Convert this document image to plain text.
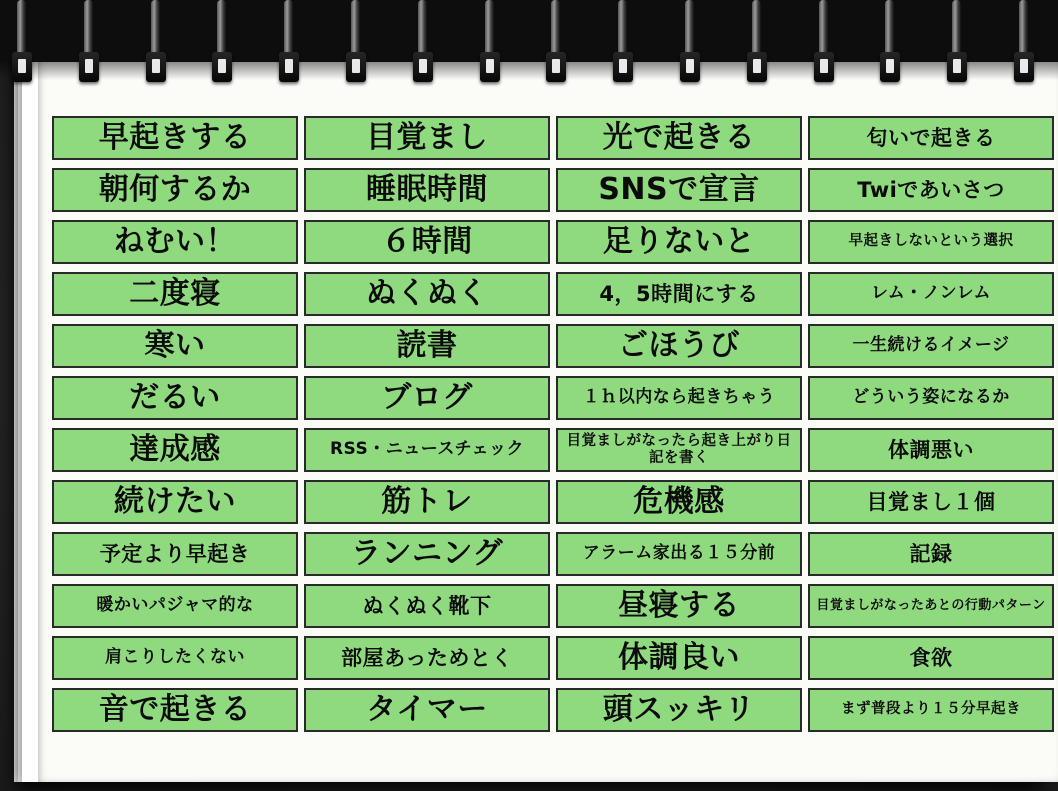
早起きする
朝何するか
ねむい！
二度寝
寒い
だるい
達成感
続けたい
予定より早起き
暖かいパジャマ的な
肩こりしたくない
音で起きる
目覚まし
睡眠時間
６時間
ぬくぬく
読書
ブログ
RSS・ニュースチェック
筋トレ
ランニング
ぬくぬく靴下
部屋あっためとく
タイマー
光で起きる
SNSで宣言
足りないと
4，5時間にする
ごほうび
１ｈ以内なら起きちゃう
目覚ましがなったら起き上がり日記を書く
危機感
アラーム家出る１５分前
昼寝する
体調良い
頭スッキリ
匂いで起きる
Twiであいさつ
早起きしないという選択
レム・ノンレム
一生続けるイメージ
どういう姿になるか
体調悪い
目覚まし１個
記録
目覚ましがなったあとの行動パターン
食欲
まず普段より１５分早起き
